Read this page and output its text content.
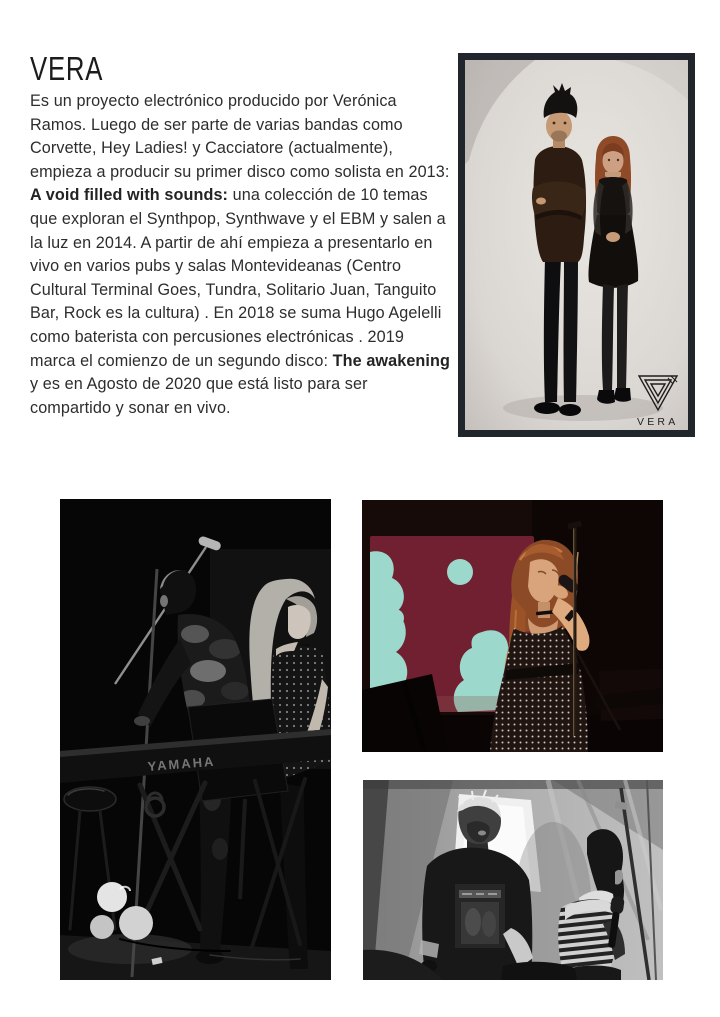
VERA

Es un proyecto electrónico producido por Verónica Ramos. Luego de ser parte de varias bandas como Corvette, Hey Ladies! y Cacciatore (actualmente), empieza a producir su primer disco como solista en 2013: A void filled with sounds: una colección de 10 temas que exploran el Synthpop, Synthwave y el EBM y salen a la luz en 2014. A partir de ahí empieza a presentarlo en vivo en varios pubs y salas Montevideanas (Centro Cultural Terminal Goes, Tundra, Solitario Juan, Tanguito Bar, Rock es la cultura) . En 2018 se suma Hugo Agelelli como baterista con percusiones electrónicas . 2019 marca el comienzo de un segundo disco: The awakening y es en Agosto de 2020 que está listo para ser compartido y sonar en vivo.

VERA
YAMAHA
